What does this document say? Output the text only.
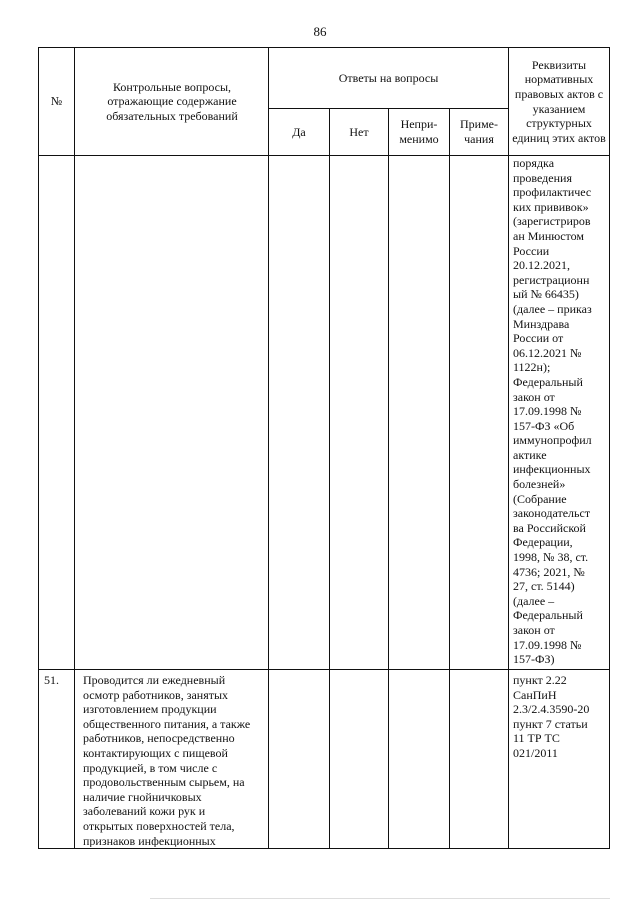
86
№
Контрольные вопросы, отражающие содержание обязательных требований
Ответы на вопросы
Да	Нет
Непри-
менимо
Приме-
чания
Реквизиты нормативных правовых актов с указанием структурных единиц этих актов
порядка
проведения
профилактичес
ких прививок»
(зарегистриров
ан Минюстом
России
20.12.2021,
регистрационн
ый № 66435)
(далее – приказ
Минздрава
России от
06.12.2021 №
1122н);
Федеральный
закон от
17.09.1998 №
157-ФЗ «Об
иммунопрофил
актике
инфекционных
болезней»
(Собрание
законодательст
ва Российской
Федерации,
1998, № 38, ст.
4736; 2021, №
27, ст. 5144)
(далее –
Федеральный
закон от
17.09.1998 №
157-ФЗ)
51.	Проводится ли ежедневный
осмотр работников, занятых
изготовлением продукции
общественного питания, а также
работников, непосредственно
контактирующих с пищевой
продукцией, в том числе с
продовольственным сырьем, на
наличие гнойничковых
заболеваний кожи рук и
открытых поверхностей тела,
признаков инфекционных
пункт 2.22
СанПиН
2.3/2.4.3590-20
пункт 7 статьи
11 ТР ТС
021/2011
